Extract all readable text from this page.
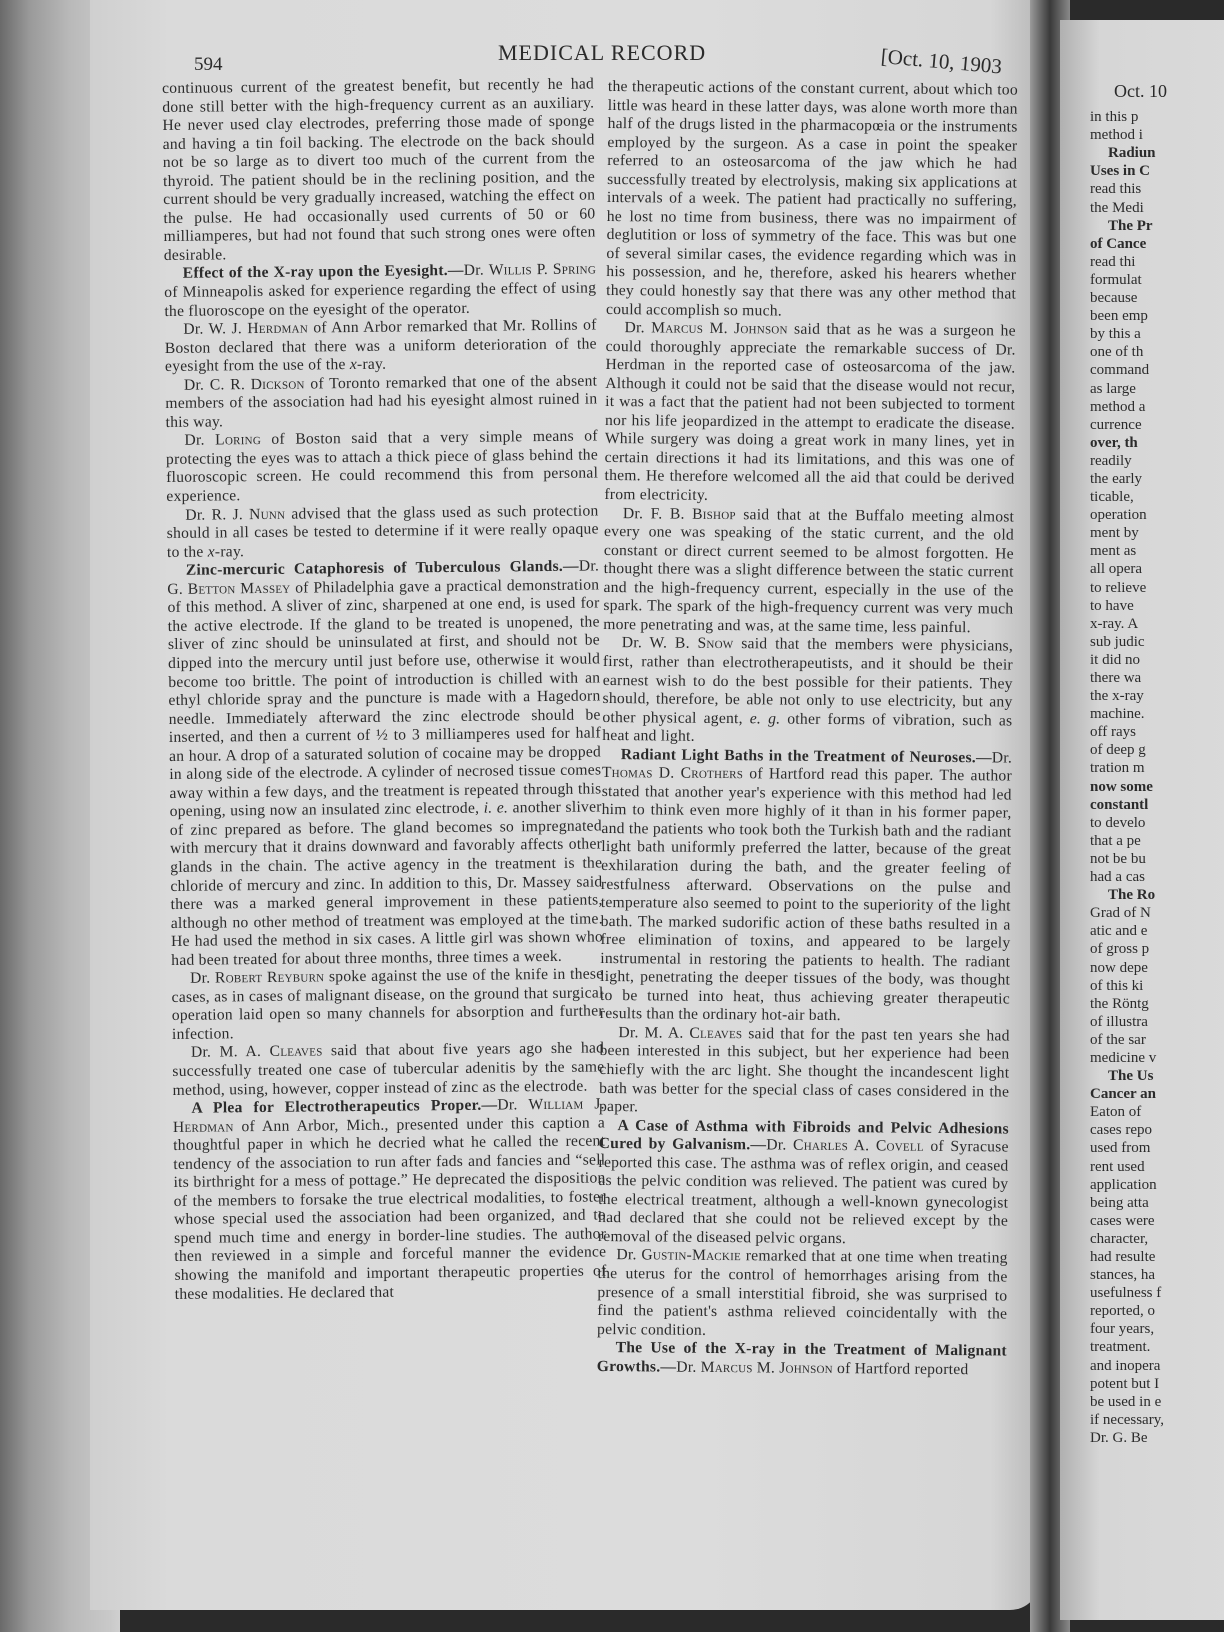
594	MEDICAL RECORD	[Oct. 10, 1903

continuous current of the greatest benefit, but recently he had done still better with the high-frequency current as an auxiliary. He never used clay electrodes, preferring those made of sponge and having a tin foil backing. The electrode on the back should not be so large as to divert too much of the current from the thyroid. The patient should be in the reclining position, and the current should be very gradually increased, watching the effect on the pulse. He had occasionally used currents of 50 or 60 milliamperes, but had not found that such strong ones were often desirable.

Effect of the X-ray upon the Eyesight.—Dr. Willis P. Spring of Minneapolis asked for experience regarding the effect of using the fluoroscope on the eyesight of the operator.

Dr. W. J. Herdman of Ann Arbor remarked that Mr. Rollins of Boston declared that there was a uniform deterioration of the eyesight from the use of the x-ray.

Dr. C. R. Dickson of Toronto remarked that one of the absent members of the association had had his eyesight almost ruined in this way.

Dr. Loring of Boston said that a very simple means of protecting the eyes was to attach a thick piece of glass behind the fluoroscopic screen. He could recommend this from personal experience.

Dr. R. J. Nunn advised that the glass used as such protection should in all cases be tested to determine if it were really opaque to the x-ray.

Zinc-mercuric Cataphoresis of Tuberculous Glands.—Dr. G. Betton Massey of Philadelphia gave a practical demonstration of this method. A sliver of zinc, sharpened at one end, is used for the active electrode. If the gland to be treated is unopened, the sliver of zinc should be uninsulated at first, and should not be dipped into the mercury until just before use, otherwise it would become too brittle. The point of introduction is chilled with an ethyl chloride spray and the puncture is made with a Hagedorn needle. Immediately afterward the zinc electrode should be inserted, and then a current of ½ to 3 milliamperes used for half an hour. A drop of a saturated solution of cocaine may be dropped in along side of the electrode. A cylinder of necrosed tissue comes away within a few days, and the treatment is repeated through this opening, using now an insulated zinc electrode, i. e. another sliver of zinc prepared as before. The gland becomes so impregnated with mercury that it drains downward and favorably affects other glands in the chain. The active agency in the treatment is the chloride of mercury and zinc. In addition to this, Dr. Massey said there was a marked general improvement in these patients, although no other method of treatment was employed at the time. He had used the method in six cases. A little girl was shown who had been treated for about three months, three times a week.

Dr. Robert Reyburn spoke against the use of the knife in these cases, as in cases of malignant disease, on the ground that surgical operation laid open so many channels for absorption and further infection.

Dr. M. A. Cleaves said that about five years ago she had successfully treated one case of tubercular adenitis by the same method, using, however, copper instead of zinc as the electrode.

A Plea for Electrotherapeutics Proper.—Dr. William J. Herdman of Ann Arbor, Mich., presented under this caption a thoughtful paper in which he decried what he called the recent tendency of the association to run after fads and fancies and “sell its birthright for a mess of pottage.” He deprecated the disposition of the members to forsake the true electrical modalities, to foster whose special used the association had been organized, and to spend much time and energy in border-line studies. The author then reviewed in a simple and forceful manner the evidence showing the manifold and important therapeutic properties of these modalities. He declared that

the therapeutic actions of the constant current, about which too little was heard in these latter days, was alone worth more than half of the drugs listed in the pharmacopœia or the instruments employed by the surgeon. As a case in point the speaker referred to an osteosarcoma of the jaw which he had successfully treated by electrolysis, making six applications at intervals of a week. The patient had practically no suffering, he lost no time from business, there was no impairment of deglutition or loss of symmetry of the face. This was but one of several similar cases, the evidence regarding which was in his possession, and he, therefore, asked his hearers whether they could honestly say that there was any other method that could accomplish so much.

Dr. Marcus M. Johnson said that as he was a surgeon he could thoroughly appreciate the remarkable success of Dr. Herdman in the reported case of osteosarcoma of the jaw. Although it could not be said that the disease would not recur, it was a fact that the patient had not been subjected to torment nor his life jeopardized in the attempt to eradicate the disease. While surgery was doing a great work in many lines, yet in certain directions it had its limitations, and this was one of them. He therefore welcomed all the aid that could be derived from electricity.

Dr. F. B. Bishop said that at the Buffalo meeting almost every one was speaking of the static current, and the old constant or direct current seemed to be almost forgotten. He thought there was a slight difference between the static current and the high-frequency current, especially in the use of the spark. The spark of the high-frequency current was very much more penetrating and was, at the same time, less painful.

Dr. W. B. Snow said that the members were physicians, first, rather than electrotherapeutists, and it should be their earnest wish to do the best possible for their patients. They should, therefore, be able not only to use electricity, but any other physical agent, e. g. other forms of vibration, such as heat and light.

Radiant Light Baths in the Treatment of Neuroses.—Dr. Thomas D. Crothers of Hartford read this paper. The author stated that another year's experience with this method had led him to think even more highly of it than in his former paper, and the patients who took both the Turkish bath and the radiant light bath uniformly preferred the latter, because of the great exhilaration during the bath, and the greater feeling of restfulness afterward. Observations on the pulse and temperature also seemed to point to the superiority of the light bath. The marked sudorific action of these baths resulted in a free elimination of toxins, and appeared to be largely instrumental in restoring the patients to health. The radiant light, penetrating the deeper tissues of the body, was thought to be turned into heat, thus achieving greater therapeutic results than the ordinary hot-air bath.

Dr. M. A. Cleaves said that for the past ten years she had been interested in this subject, but her experience had been chiefly with the arc light. She thought the incandescent light bath was better for the special class of cases considered in the paper.

A Case of Asthma with Fibroids and Pelvic Adhesions Cured by Galvanism.—Dr. Charles A. Covell of Syracuse reported this case. The asthma was of reflex origin, and ceased as the pelvic condition was relieved. The patient was cured by the electrical treatment, although a well-known gynecologist had declared that she could not be relieved except by the removal of the diseased pelvic organs.

Dr. Gustin-Mackie remarked that at one time when treating the uterus for the control of hemorrhages arising from the presence of a small interstitial fibroid, she was surprised to find the patient's asthma relieved coincidentally with the pelvic condition.

The Use of the X-ray in the Treatment of Malignant Growths.—Dr. Marcus M. Johnson of Hartford reported

Oct. 10
in this p
method i
Radiun
Uses in C
read this
the Medi
The Pr
of Cance
read thi
formulat
because
been emp
by this a
one of th
command
as large
method a
currence
over, th
readily
the early
ticable,
operation
ment by
ment as
all opera
to relieve
to have
x-ray. A
sub judic
it did no
there wa
the x-ray
machine.
off rays
of deep g
tration m
now some
constantl
to develo
that a pe
not be bu
had a cas
The Ro
Grad of N
atic and e
of gross p
now depe
of this ki
the Röntg
of illustra
of the sar
medicine v
The Us
Cancer an
Eaton of
cases repo
used from
rent used
application
being atta
cases were
character,
had resulte
stances, ha
usefulness f
reported, o
four years,
treatment.
and inopera
potent but I
be used in e
if necessary,
Dr. G. Be
